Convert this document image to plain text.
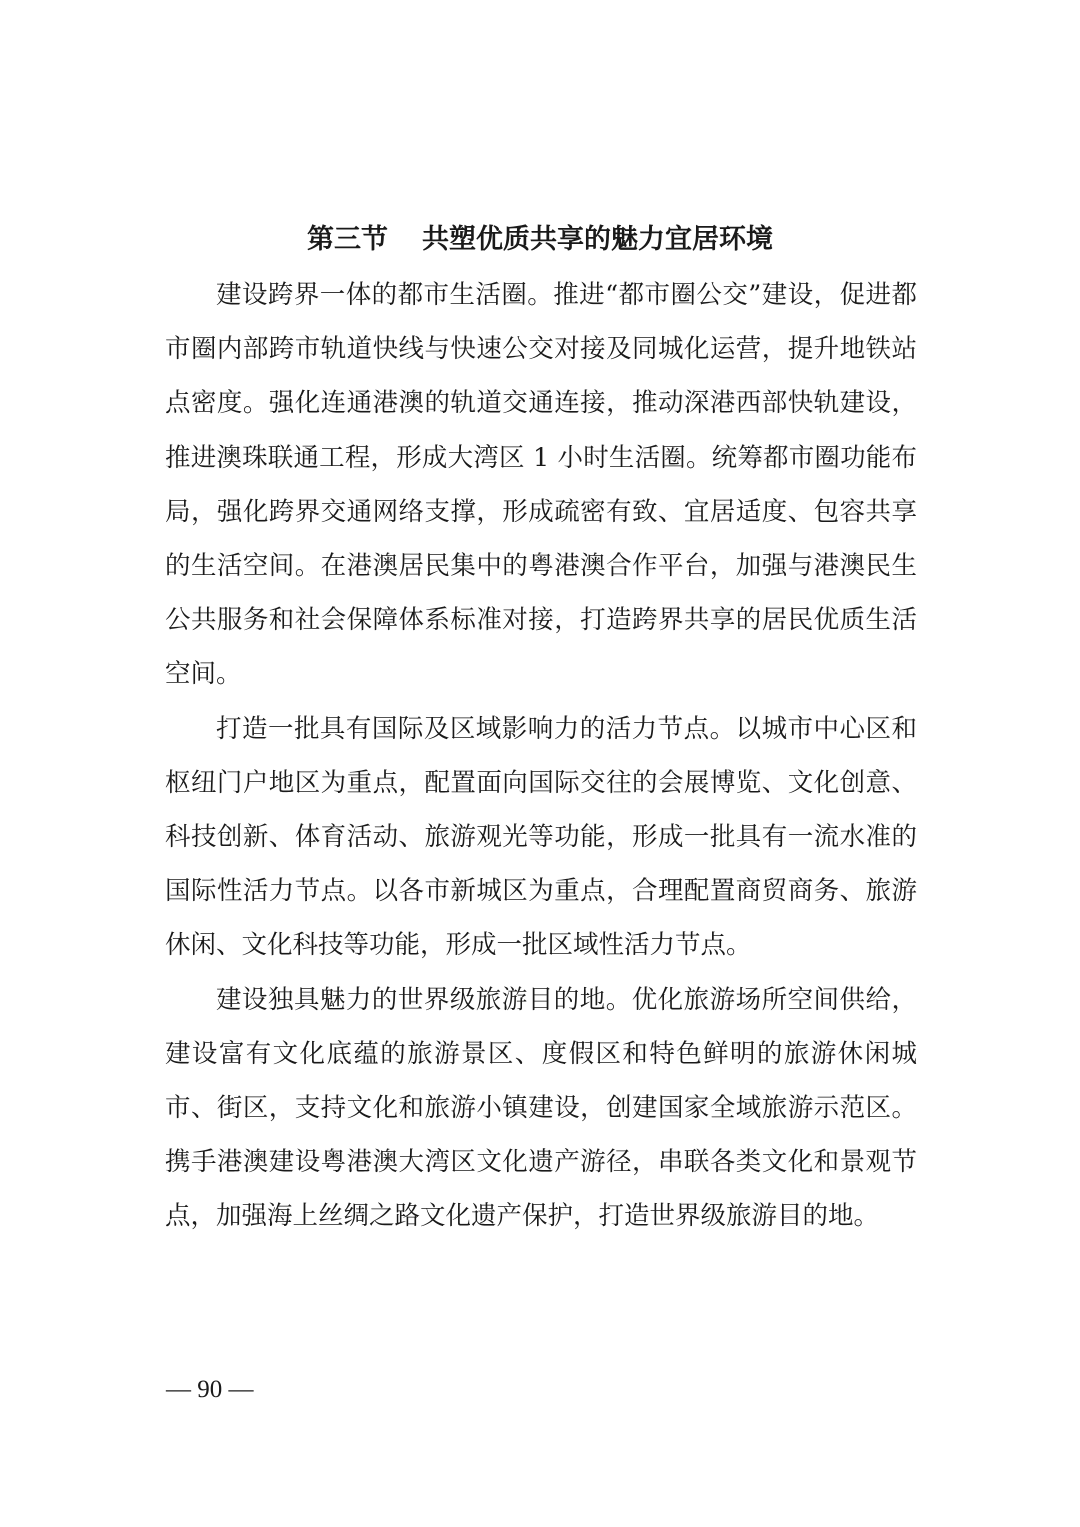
第三节 共塑优质共享的魅力宜居环境

建设跨界一体的都市生活圈。推进“都市圈公交”建设，促进都市圈内部跨市轨道快线与快速公交对接及同城化运营，提升地铁站点密度。强化连通港澳的轨道交通连接，推动深港西部快轨建设，推进澳珠联通工程，形成大湾区 1 小时生活圈。统筹都市圈功能布局，强化跨界交通网络支撑，形成疏密有致、宜居适度、包容共享的生活空间。在港澳居民集中的粤港澳合作平台，加强与港澳民生公共服务和社会保障体系标准对接，打造跨界共享的居民优质生活空间。

打造一批具有国际及区域影响力的活力节点。以城市中心区和枢纽门户地区为重点，配置面向国际交往的会展博览、文化创意、科技创新、体育活动、旅游观光等功能，形成一批具有一流水准的国际性活力节点。以各市新城区为重点，合理配置商贸商务、旅游休闲、文化科技等功能，形成一批区域性活力节点。

建设独具魅力的世界级旅游目的地。优化旅游场所空间供给，建设富有文化底蕴的旅游景区、度假区和特色鲜明的旅游休闲城市、街区，支持文化和旅游小镇建设，创建国家全域旅游示范区。携手港澳建设粤港澳大湾区文化遗产游径，串联各类文化和景观节点，加强海上丝绸之路文化遗产保护，打造世界级旅游目的地。

— 90 —
